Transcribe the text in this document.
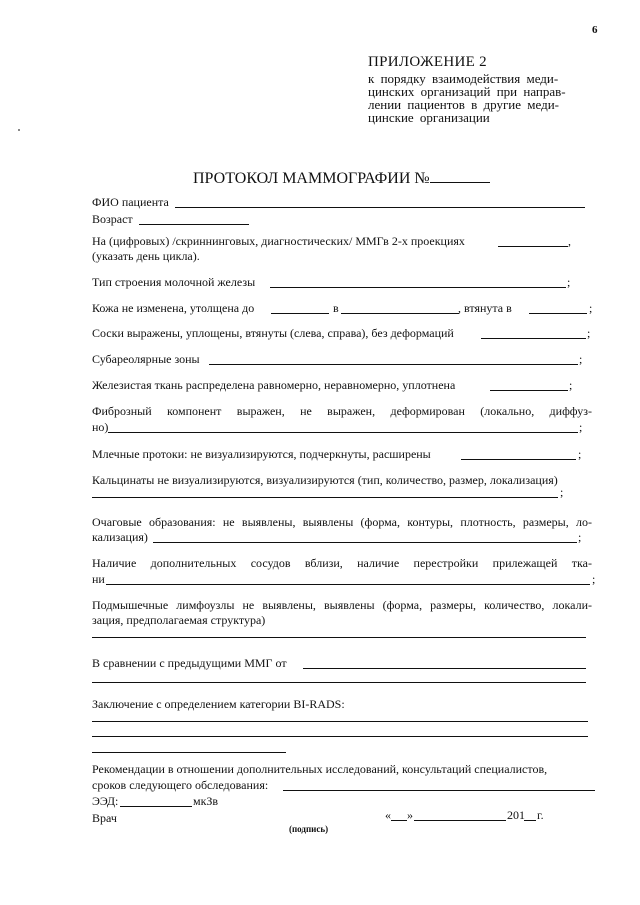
6
ПРИЛОЖЕНИЕ 2
к порядку взаимодействия меди-
цинских организаций при направ-
лении пациентов в другие меди-
цинские организации
ПРОТОКОЛ МАММОГРАФИИ №
ФИО пациента
Возраст
На (цифровых) /скриннинговых, диагностических/ ММГв 2-х проекциях	,
(указать день цикла).
Тип строения молочной железы	;
Кожа не изменена, утолщена до	в	, втянута в	;
Соски выражены, уплощены, втянуты (слева, справа), без деформаций	;
Субареолярные зоны	;
Железистая ткань распределена равномерно, неравномерно, уплотнена	;
Фиброзный компонент выражен, не выражен, деформирован (локально, диффуз-
но)	;
Млечные протоки: не визуализируются, подчеркнуты, расширены	;
Кальцинаты не визуализируются, визуализируются (тип, количество, размер, локализация)
;
Очаговые образования: не выявлены, выявлены (форма, контуры, плотность, размеры, ло-
кализация)	;
Наличие дополнительных сосудов вблизи, наличие перестройки прилежащей тка-
ни	;
Подмышечные лимфоузлы не выявлены, выявлены (форма, размеры, количество, локали-
зация, предполагаемая структура)
В сравнении с предыдущими ММГ от
Заключение с определением категории BI-RADS:
Рекомендации в отношении дополнительных исследований, консультаций специалистов,
сроков следующего обследования:
ЭЭД:	мкЗв
Врач	« »	201 г.
(подпись)
